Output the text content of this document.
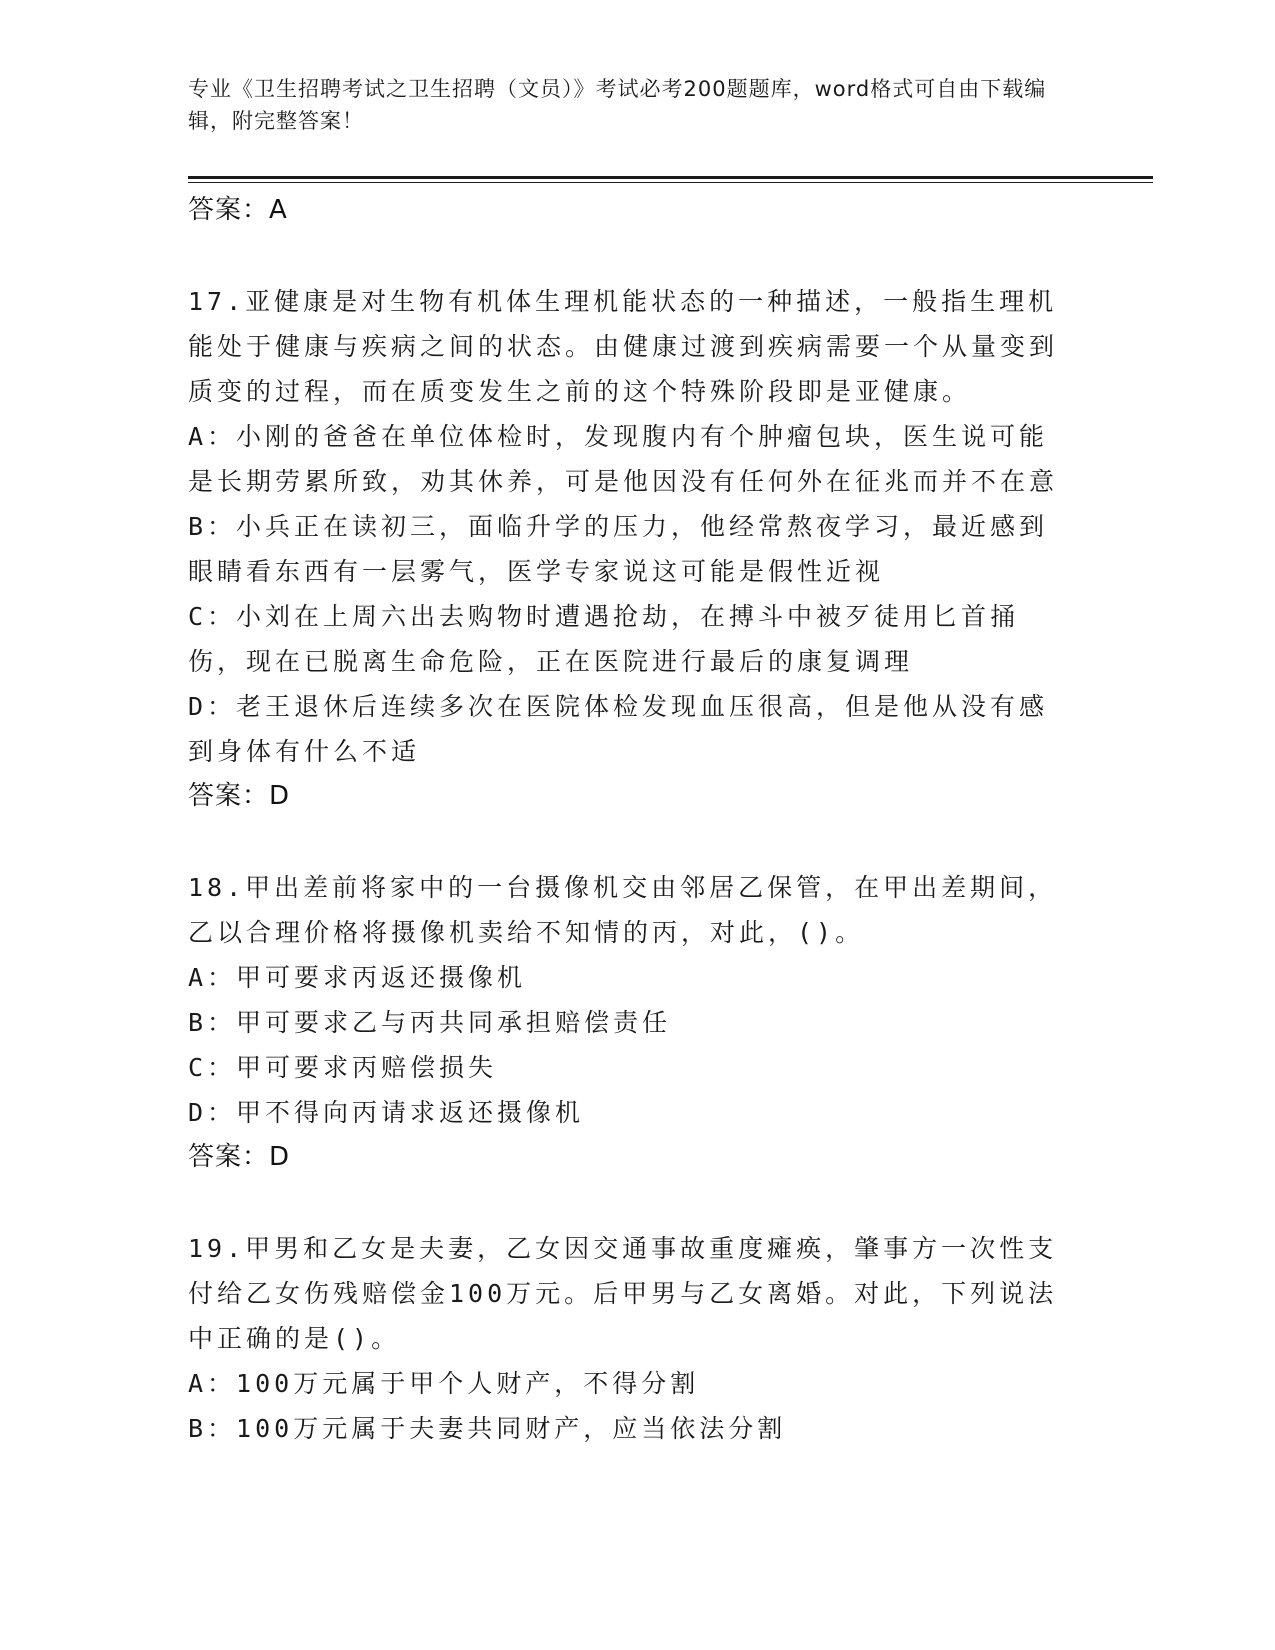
专业《卫生招聘考试之卫生招聘（文员）》考试必考200题题库，word格式可自由下载编辑，附完整答案！
答案：A
17.亚健康是对生物有机体生理机能状态的一种描述，一般指生理机能处于健康与疾病之间的状态。由健康过渡到疾病需要一个从量变到质变的过程，而在质变发生之前的这个特殊阶段即是亚健康。
A：小刚的爸爸在单位体检时，发现腹内有个肿瘤包块，医生说可能是长期劳累所致，劝其休养，可是他因没有任何外在征兆而并不在意
B：小兵正在读初三，面临升学的压力，他经常熬夜学习，最近感到眼睛看东西有一层雾气，医学专家说这可能是假性近视
C：小刘在上周六出去购物时遭遇抢劫，在搏斗中被歹徒用匕首捅伤，现在已脱离生命危险，正在医院进行最后的康复调理
D：老王退休后连续多次在医院体检发现血压很高，但是他从没有感到身体有什么不适
答案：D
18.甲出差前将家中的一台摄像机交由邻居乙保管，在甲出差期间，乙以合理价格将摄像机卖给不知情的丙，对此，()。
A：甲可要求丙返还摄像机
B：甲可要求乙与丙共同承担赔偿责任
C：甲可要求丙赔偿损失
D：甲不得向丙请求返还摄像机
答案：D
19.甲男和乙女是夫妻，乙女因交通事故重度瘫痪，肇事方一次性支付给乙女伤残赔偿金100万元。后甲男与乙女离婚。对此，下列说法中正确的是()。
A：100万元属于甲个人财产，不得分割
B：100万元属于夫妻共同财产，应当依法分割
